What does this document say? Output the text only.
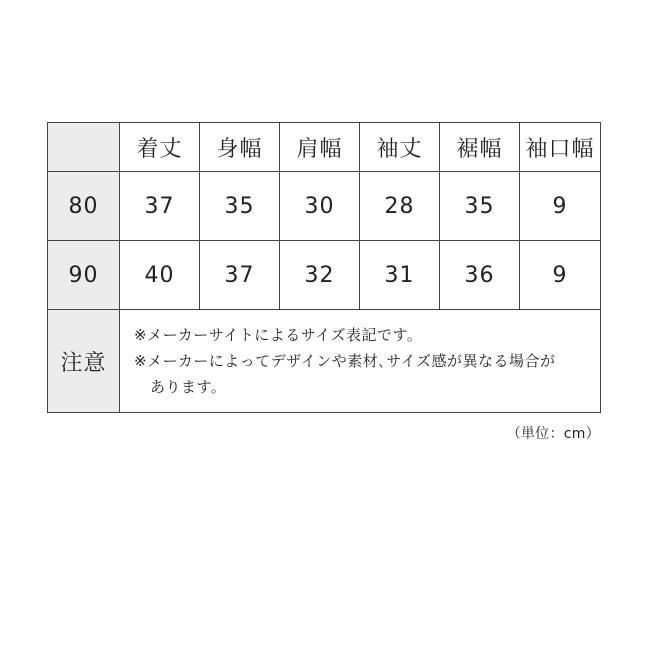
	着丈	身幅	肩幅	袖丈	裾幅	袖口幅
80	37	35	30	28	35	9
90	40	37	32	31	36	9
注意	※メーカーサイトによるサイズ表記です。
※メーカーによってデザインや素材､サイズ感が異なる場合が
あります。					
（単位：cm）
